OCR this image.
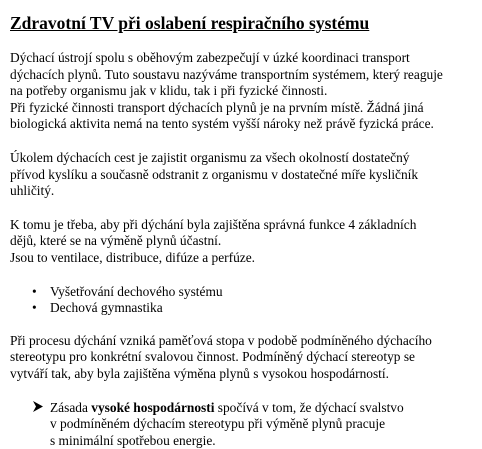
Zdravotní TV při oslabení respiračního systému
Dýchací ústrojí spolu s oběhovým zabezpečují v úzké koordinaci transport
dýchacích plynů. Tuto soustavu nazýváme transportním systémem, který reaguje
na potřeby organismu jak v klidu, tak i při fyzické činnosti.
Při fyzické činnosti transport dýchacích plynů je na prvním místě. Žádná jiná
biologická aktivita nemá na tento systém vyšší nároky než právě fyzická práce.
Úkolem dýchacích cest je zajistit organismu za všech okolností dostatečný
přívod kyslíku a současně odstranit z organismu v dostatečné míře kysličník
uhličitý.
K tomu je třeba, aby při dýchání byla zajištěna správná funkce 4 základních
dějů, které se na výměně plynů účastní.
Jsou to ventilace, distribuce, difúze a perfúze.
• Vyšetřování dechového systému
• Dechová gymnastika
Při procesu dýchání vzniká paměťová stopa v podobě podmíněného dýchacího
stereotypu pro konkrétní svalovou činnost. Podmíněný dýchací stereotyp se
vytváří tak, aby byla zajištěna výměna plynů s vysokou hospodárností.
Zásada vysoké hospodárnosti spočívá v tom, že dýchací svalstvo
v podmíněném dýchacím stereotypu při výměně plynů pracuje
s minimální spotřebou energie.
